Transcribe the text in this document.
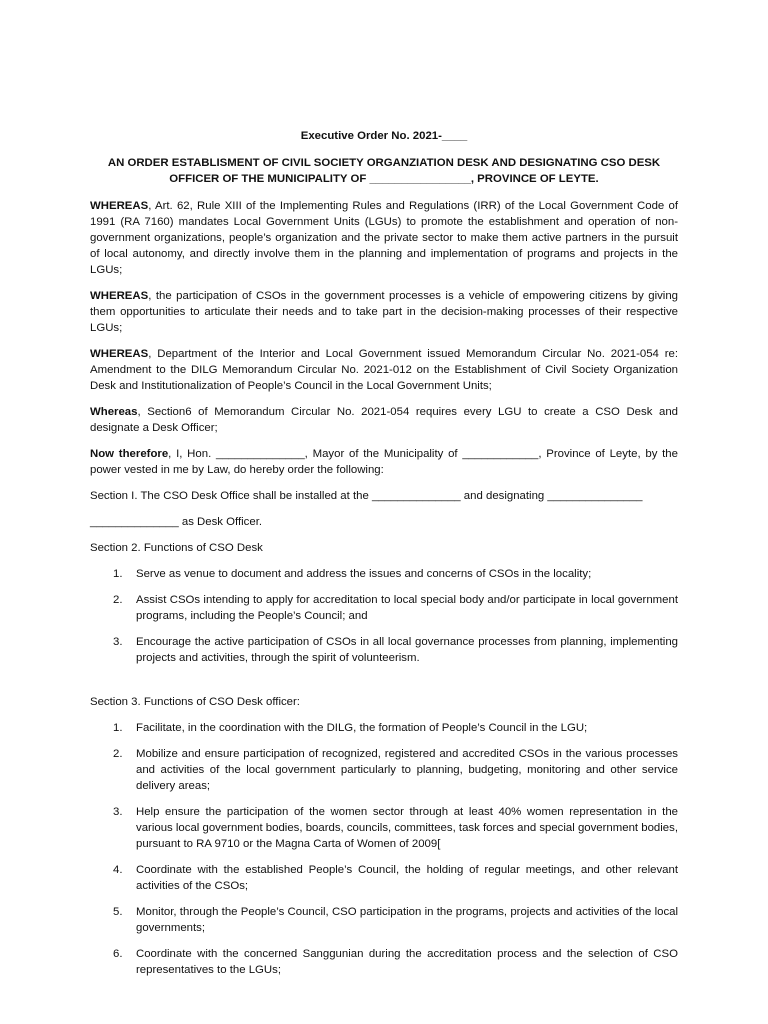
Executive Order No. 2021-____
AN ORDER ESTABLISMENT OF CIVIL SOCIETY ORGANZIATION DESK AND DESIGNATING CSO DESK
OFFICER OF THE MUNICIPALITY OF ________________, PROVINCE OF LEYTE.
WHEREAS, Art. 62, Rule XIII of the Implementing Rules and Regulations (IRR) of the Local Government Code of 1991 (RA 7160) mandates Local Government Units (LGUs) to promote the establishment and operation of non-government organizations, people’s organization and the private sector to make them active partners in the pursuit of local autonomy, and directly involve them in the planning and implementation of programs and projects in the LGUs;
WHEREAS, the participation of CSOs in the government processes is a vehicle of empowering citizens by giving them opportunities to articulate their needs and to take part in the decision-making processes of their respective LGUs;
WHEREAS, Department of the Interior and Local Government issued Memorandum Circular No. 2021-054 re: Amendment to the DILG Memorandum Circular No. 2021-012 on the Establishment of Civil Society Organization Desk and Institutionalization of People’s Council in the Local Government Units;
Whereas, Section6 of Memorandum Circular No. 2021-054 requires every LGU to create a CSO Desk and designate a Desk Officer;
Now therefore, I, Hon. ______________, Mayor of the Municipality of ____________, Province of Leyte, by the power vested in me by Law, do hereby order the following:
Section I. The CSO Desk Office shall be installed at the ______________ and designating _______________
______________ as Desk Officer.
Section 2. Functions of CSO Desk
1. Serve as venue to document and address the issues and concerns of CSOs in the locality;
2. Assist CSOs intending to apply for accreditation to local special body and/or participate in local government programs, including the People’s Council; and
3. Encourage the active participation of CSOs in all local governance processes from planning, implementing projects and activities, through the spirit of volunteerism.
Section 3. Functions of CSO Desk officer:
1. Facilitate, in the coordination with the DILG, the formation of People’s Council in the LGU;
2. Mobilize and ensure participation of recognized, registered and accredited CSOs in the various processes and activities of the local government particularly to planning, budgeting, monitoring and other service delivery areas;
3. Help ensure the participation of the women sector through at least 40% women representation in the various local government bodies, boards, councils, committees, task forces and special government bodies, pursuant to RA 9710 or the Magna Carta of Women of 2009[
4. Coordinate with the established People’s Council, the holding of regular meetings, and other relevant activities of the CSOs;
5. Monitor, through the People’s Council, CSO participation in the programs, projects and activities of the local governments;
6. Coordinate with the concerned Sanggunian during the accreditation process and the selection of CSO representatives to the LGUs;
